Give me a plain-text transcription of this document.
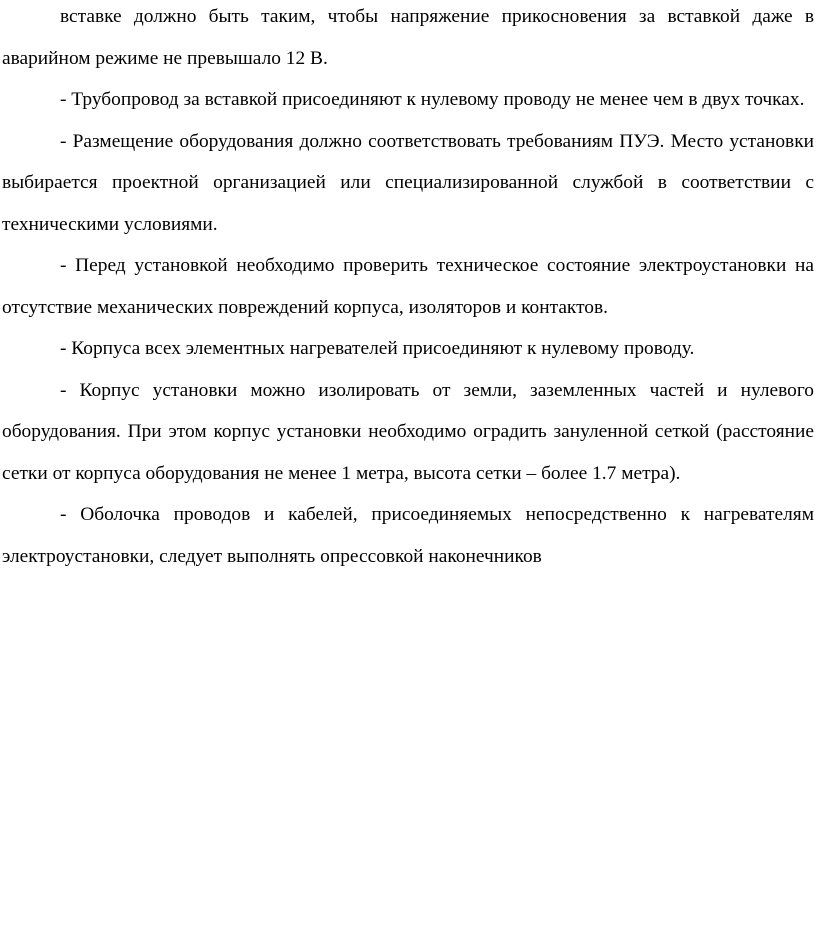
вставке должно быть таким, чтобы напряжение прикосновения за вставкой даже в аварийном режиме не превышало 12 В.

- Трубопровод за вставкой присоединяют к нулевому проводу не менее чем в двух точках.

- Размещение оборудования должно соответствовать требованиям ПУЭ. Место установки выбирается проектной организацией или специализированной службой в соответствии с техническими условиями.

- Перед установкой необходимо проверить техническое состояние электроустановки на отсутствие механических повреждений корпуса, изоляторов и контактов.

- Корпуса всех элементных нагревателей присоединяют к нулевому проводу.

- Корпус установки можно изолировать от земли, заземленных частей и нулевого оборудования. При этом корпус установки необходимо оградить зануленной сеткой (расстояние сетки от корпуса оборудования не менее 1 метра, высота сетки – более 1.7 метра).

- Оболочка проводов и кабелей, присоединяемых непосредственно к нагревателям электроустановки, следует выполнять опрессовкой наконечников
